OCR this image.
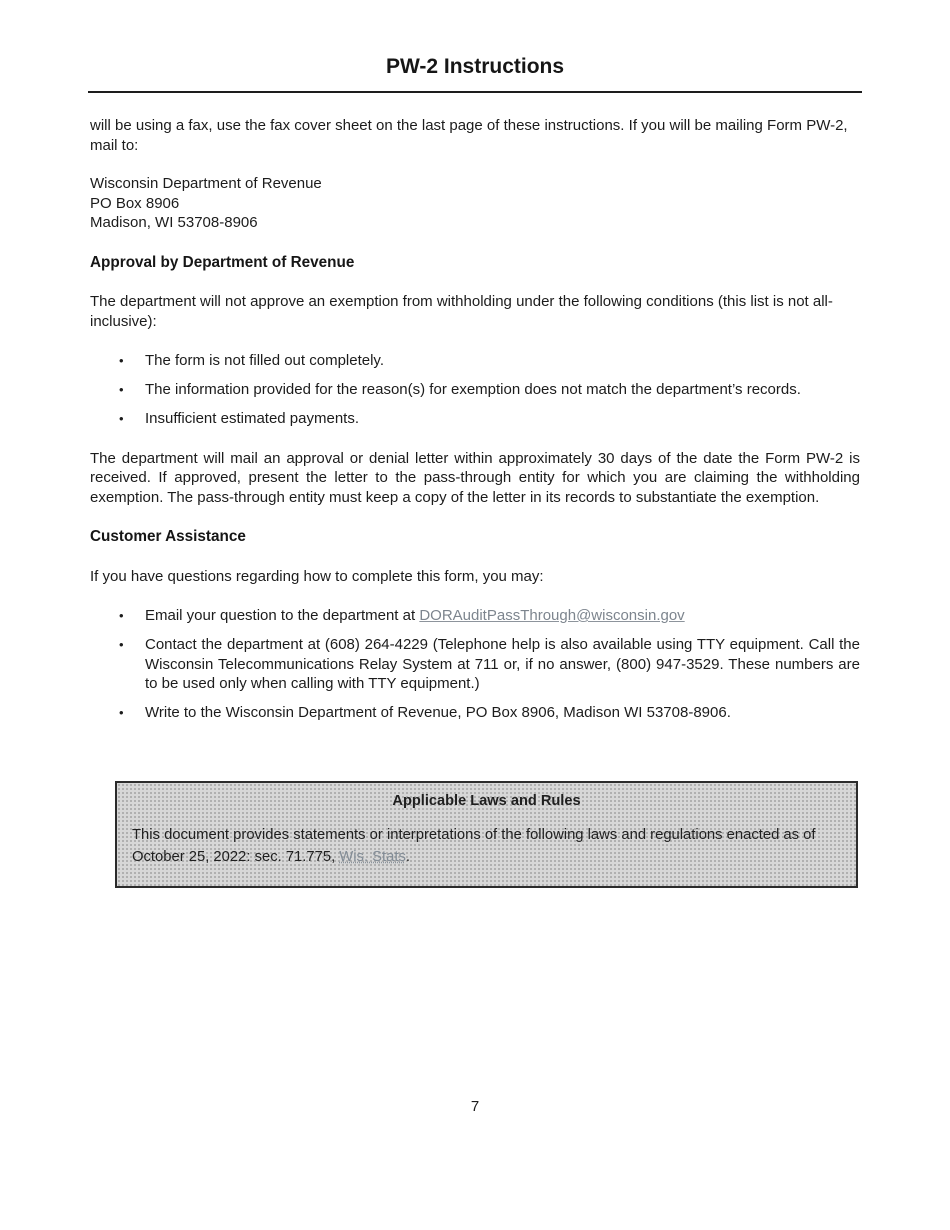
PW-2 Instructions

will be using a fax, use the fax cover sheet on the last page of these instructions. If you will be mailing Form PW-2, mail to:

Wisconsin Department of Revenue

PO Box 8906

Madison, WI 53708-8906

Approval by Department of Revenue

The department will not approve an exemption from withholding under the following conditions (this list is not all-inclusive):

• The form is not filled out completely.
• The information provided for the reason(s) for exemption does not match the department’s records.
• Insufficient estimated payments.

The department will mail an approval or denial letter within approximately 30 days of the date the Form PW-2 is received. If approved, present the letter to the pass-through entity for which you are claiming the withholding exemption. The pass-through entity must keep a copy of the letter in its records to substantiate the exemption.

Customer Assistance

If you have questions regarding how to complete this form, you may:

• Email your question to the department at DORAuditPassThrough@wisconsin.gov
• Contact the department at (608) 264-4229 (Telephone help is also available using TTY equipment. Call the Wisconsin Telecommunications Relay System at 711 or, if no answer, (800) 947-3529. These numbers are to be used only when calling with TTY equipment.)
• Write to the Wisconsin Department of Revenue, PO Box 8906, Madison WI 53708-8906.
Applicable Laws and Rules

This document provides statements or interpretations of the following laws and regulations enacted as of October 25, 2022: sec. 71.775, Wis. Stats.

7
